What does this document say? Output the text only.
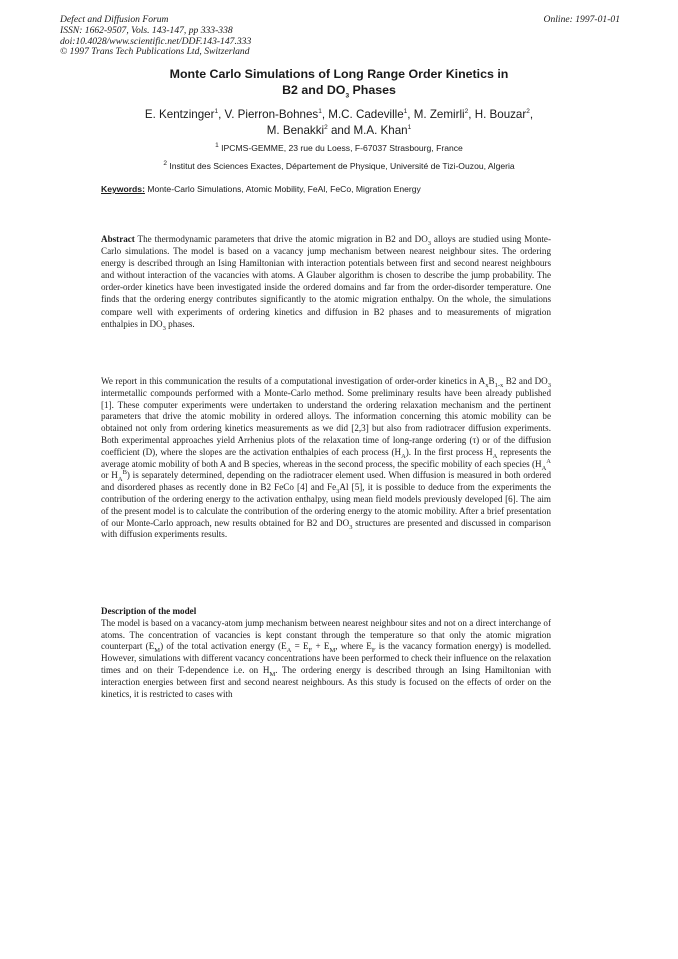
Defect and Diffusion Forum
ISSN: 1662-9507, Vols. 143-147, pp 333-338
doi:10.4028/www.scientific.net/DDF.143-147.333
© 1997 Trans Tech Publications Ltd, Switzerland
Online: 1997-01-01
Monte Carlo Simulations of Long Range Order Kinetics in
B2 and $DO_3$ Phases
E. Kentzinger$^1$, V. Pierron-Bohnes$^1$, M.C. Cadeville$^1$, M. Zemirli$^2$, H. Bouzar$^2$,
M. Benakki$^2$ and M.A. Khan$^1$
$^1$ IPCMS-GEMME, 23 rue du Loess, F-67037 Strasbourg, France
$^2$ Institut des Sciences Exactes, Département de Physique, Université de Tizi-Ouzou, Algeria
Keywords: Monte-Carlo Simulations, Atomic Mobility, FeAl, FeCo, Migration Energy
Abstract The thermodynamic parameters that drive the atomic migration in B2 and $DO_3$ alloys are studied using Monte-Carlo simulations. The model is based on a vacancy jump mechanism between nearest neighbour sites. The ordering energy is described through an Ising Hamiltonian with interaction potentials between first and second nearest neighbours and without interaction of the vacancies with atoms. A Glauber algorithm is chosen to describe the jump probability. The order-order kinetics have been investigated inside the ordered domains and far from the order-disorder temperature. One finds that the ordering energy contributes significantly to the atomic migration enthalpy. On the whole, the simulations compare well with experiments of ordering kinetics and diffusion in B2 phases and to measurements of migration enthalpies in $DO_3$ phases.
We report in this communication the results of a computational investigation of order-order kinetics in $A_xB_{1-x}$ B2 and $DO_3$ intermetallic compounds performed with a Monte-Carlo method. Some preliminary results have been already published [1]. These computer experiments were undertaken to understand the ordering relaxation mechanism and the pertinent parameters that drive the atomic mobility in ordered alloys. The information concerning this atomic mobility can be obtained not only from ordering kinetics measurements as we did [2,3] but also from radiotracer diffusion experiments. Both experimental approaches yield Arrhenius plots of the relaxation time of long-range ordering (τ) or of the diffusion coefficient (D), where the slopes are the activation enthalpies of each process $(H_A)$. In the first process $H_A$ represents the average atomic mobility of both A and B species, whereas in the second process, the specific mobility of each species ($H_A^A$ or $H_A^B$) is separately determined, depending on the radiotracer element used. When diffusion is measured in both ordered and disordered phases as recently done in B2 FeCo [4] and $Fe_3Al$ [5], it is possible to deduce from the experiments the contribution of the ordering energy to the activation enthalpy, using mean field models previously developed [6]. The aim of the present model is to calculate the contribution of the ordering energy to the atomic mobility. After a brief presentation of our Monte-Carlo approach, new results obtained for B2 and $DO_3$ structures are presented and discussed in comparison with diffusion experiments results.
Description of the model
The model is based on a vacancy-atom jump mechanism between nearest neighbour sites and not on a direct interchange of atoms. The concentration of vacancies is kept constant through the temperature so that only the atomic migration counterpart $(E_M)$ of the total activation energy ($E_A = E_F + E_M$, where $E_F$ is the vacancy formation energy) is modelled. However, simulations with different vacancy concentrations have been performed to check their influence on the relaxation times and on their T-dependence i.e. on $H_M$. The ordering energy is described through an Ising Hamiltonian with interaction energies between first and second nearest neighbours. As this study is focused on the effects of order on the kinetics, it is restricted to cases with
